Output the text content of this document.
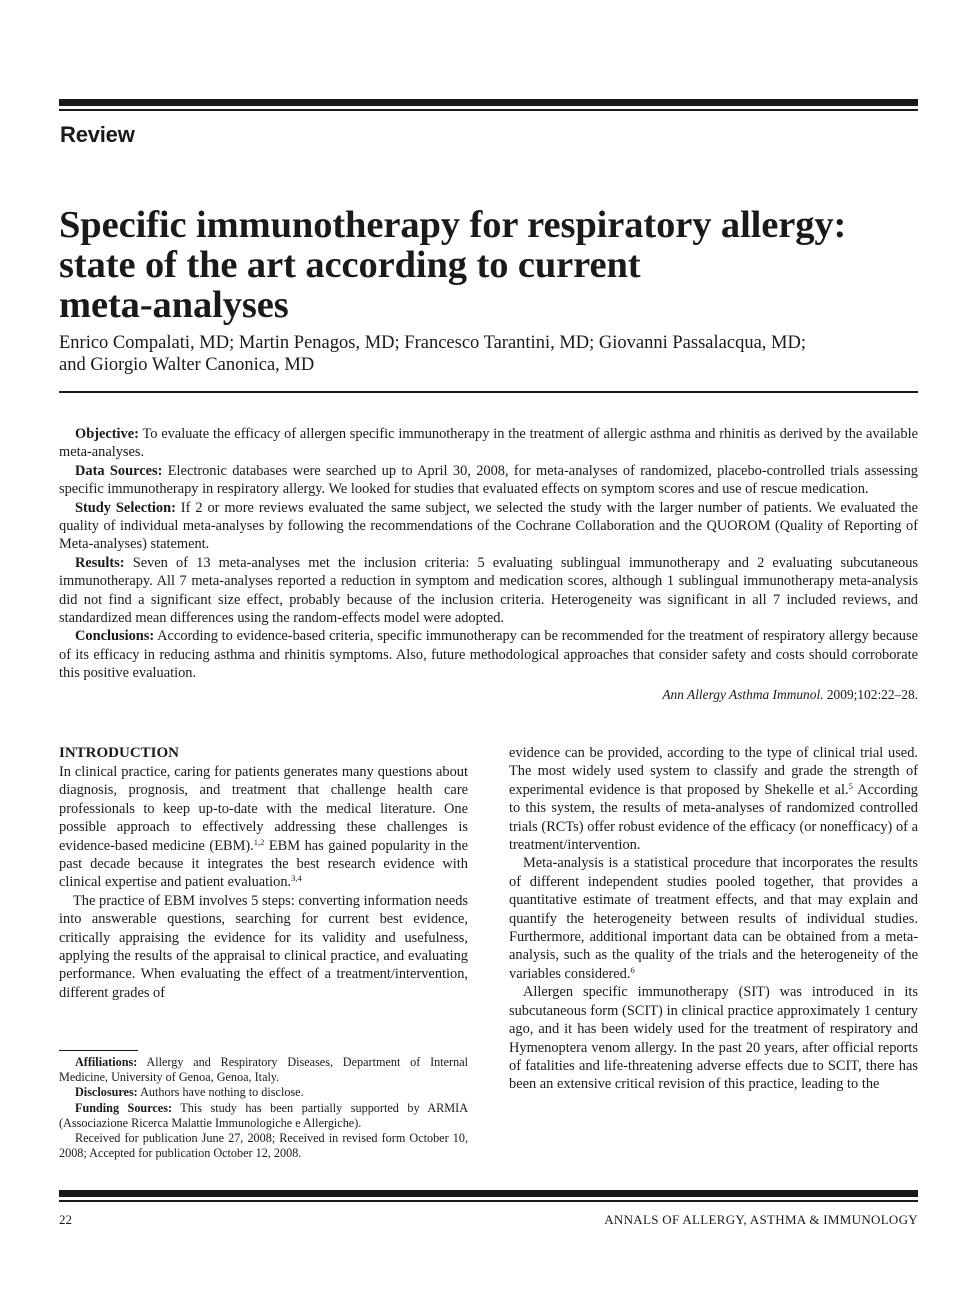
Review
Specific immunotherapy for respiratory allergy:
state of the art according to current
meta-analyses
Enrico Compalati, MD; Martin Penagos, MD; Francesco Tarantini, MD; Giovanni Passalacqua, MD;
and Giorgio Walter Canonica, MD

Objective: To evaluate the efficacy of allergen specific immunotherapy in the treatment of allergic asthma and rhinitis as derived by the available meta-analyses.

Data Sources: Electronic databases were searched up to April 30, 2008, for meta-analyses of randomized, placebo-controlled trials assessing specific immunotherapy in respiratory allergy. We looked for studies that evaluated effects on symptom scores and use of rescue medication.

Study Selection: If 2 or more reviews evaluated the same subject, we selected the study with the larger number of patients. We evaluated the quality of individual meta-analyses by following the recommendations of the Cochrane Collaboration and the QUOROM (Quality of Reporting of Meta-analyses) statement.

Results: Seven of 13 meta-analyses met the inclusion criteria: 5 evaluating sublingual immunotherapy and 2 evaluating subcutaneous immunotherapy. All 7 meta-analyses reported a reduction in symptom and medication scores, although 1 sublingual immunotherapy meta-analysis did not find a significant size effect, probably because of the inclusion criteria. Heterogeneity was significant in all 7 included reviews, and standardized mean differences using the random-effects model were adopted.

Conclusions: According to evidence-based criteria, specific immunotherapy can be recommended for the treatment of respiratory allergy because of its efficacy in reducing asthma and rhinitis symptoms. Also, future methodological approaches that consider safety and costs should corroborate this positive evaluation.

Ann Allergy Asthma Immunol. 2009;102:22–28.
INTRODUCTION

In clinical practice, caring for patients generates many questions about diagnosis, prognosis, and treatment that challenge health care professionals to keep up-to-date with the medical literature. One possible approach to effectively addressing these challenges is evidence-based medicine (EBM).$^{1,2}$ EBM has gained popularity in the past decade because it integrates the best research evidence with clinical expertise and patient evaluation.$^{3,4}$

The practice of EBM involves 5 steps: converting information needs into answerable questions, searching for current best evidence, critically appraising the evidence for its validity and usefulness, applying the results of the appraisal to clinical practice, and evaluating performance. When evaluating the effect of a treatment/intervention, different grades of

Affiliations: Allergy and Respiratory Diseases, Department of Internal Medicine, University of Genoa, Genoa, Italy.

Disclosures: Authors have nothing to disclose.

Funding Sources: This study has been partially supported by ARMIA (Associazione Ricerca Malattie Immunologiche e Allergiche).

Received for publication June 27, 2008; Received in revised form October 10, 2008; Accepted for publication October 12, 2008.

evidence can be provided, according to the type of clinical trial used. The most widely used system to classify and grade the strength of experimental evidence is that proposed by Shekelle et al.$^5$ According to this system, the results of meta-analyses of randomized controlled trials (RCTs) offer robust evidence of the efficacy (or nonefficacy) of a treatment/intervention.

Meta-analysis is a statistical procedure that incorporates the results of different independent studies pooled together, that provides a quantitative estimate of treatment effects, and that may explain and quantify the heterogeneity between results of individual studies. Furthermore, additional important data can be obtained from a meta-analysis, such as the quality of the trials and the heterogeneity of the variables considered.$^6$

Allergen specific immunotherapy (SIT) was introduced in its subcutaneous form (SCIT) in clinical practice approximately 1 century ago, and it has been widely used for the treatment of respiratory and Hymenoptera venom allergy. In the past 20 years, after official reports of fatalities and life-threatening adverse effects due to SCIT, there has been an extensive critical revision of this practice, leading to the

22	ANNALS OF ALLERGY, ASTHMA & IMMUNOLOGY
